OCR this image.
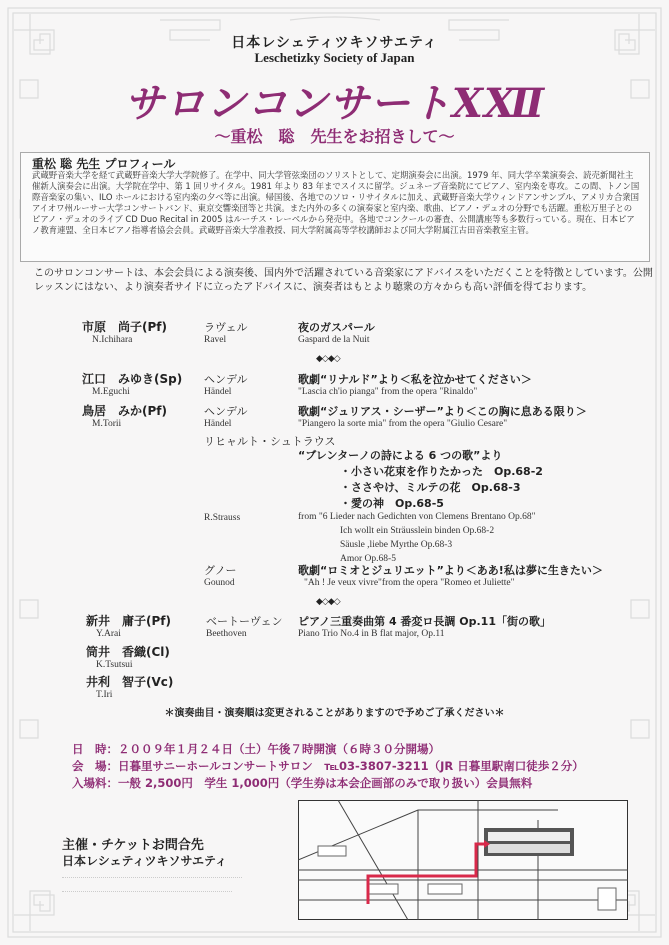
日本レシェティツキソサエティ
Leschetizky Society of Japan
サロンコンサートⅩⅫ
～重松　聡　先生をお招きして～
重松 聡 先生 プロフィール
武蔵野音楽大学を経て武蔵野音楽大学大学院修了。在学中、同大学管弦楽団のソリストとして、定期演奏会に出演。1979 年、同大学卒業演奏会、読売新聞社主催新人演奏会に出演。大学院在学中、第 1 回リサイタル。1981 年より 83 年までスイスに留学。ジュネーブ音楽院にてピアノ、室内楽を専攻。この間、トノン国際音楽家の集い、ILO ホールにおける室内楽の夕べ等に出演。帰国後、各地でのソロ・リサイタルに加え、武蔵野音楽大学ウィンドアンサンブル、アメリカ合衆国アイオワ州ルーサー大学コンサートバンド、東京交響楽団等と共演。また内外の多くの演奏家と室内楽、歌曲、ピアノ・デュオの分野でも活躍。重松万里子とのピアノ・デュオのライブ CD Duo Recital in 2005 はルーチス・レーベルから発売中。各地でコンクールの審査、公開講座等も多数行っている。現在、日本ピアノ教育連盟、全日本ピアノ指導者協会会員。武蔵野音楽大学准教授、同大学附属高等学校講師および同大学附属江古田音楽教室主管。
このサロンコンサートは、本会会員による演奏後、国内外で活躍されている音楽家にアドバイスをいただくことを特徴としています。公開レッスンにはない、より演奏者サイドに立ったアドバイスに、演奏者はもとより聴衆の方々からも高い評価を得ております。
市原　尚子(Pf)
N.Ichihara
ラヴェル
Ravel
夜のガスパール
Gaspard de la Nuit
◆◇◆◇
江口　みゆき(Sp)
M.Eguchi
ヘンデル
Händel
歌劇“リナルド”より＜私を泣かせてください＞
"Lascia ch'io pianga" from the opera "Rinaldo"
鳥居　みか(Pf)
M.Torii
ヘンデル
Händel
歌劇“ジュリアス・シーザー”より＜この胸に息ある限り＞
"Piangero la sorte mia" from the opera "Giulio Cesare"
リヒャルト・シュトラウス
“ブレンターノの詩による 6 つの歌”より
・小さい花束を作りたかった　Op.68-2
・ささやけ、ミルテの花　Op.68-3
・愛の神　Op.68-5
R.Strauss	from "6 Lieder nach Gedichten von Clemens Brentano Op.68"
Ich wollt ein Sträusslein binden Op.68-2
Säusle ,liebe Myrthe Op.68-3
Amor Op.68-5
グノー
Gounod
歌劇“ロミオとジュリエット”より＜ああ!私は夢に生きたい＞
"Ah ! Je veux vivre"from the opera "Romeo et Juliette"
◆◇◆◇
新井　庸子(Pf)
Y.Arai
ベートーヴェン
Beethoven
ピアノ三重奏曲第 4 番変ロ長調 Op.11「街の歌」
Piano Trio No.4 in B flat major, Op.11
筒井　香織(Cl)
K.Tsutsui
井利　智子(Vc)
T.Iri
＊演奏曲目・演奏順は変更されることがありますので予めご了承ください＊
日　時：２００９年１月２４日（土）午後７時開演（６時３０分開場）
会　場：日暮里サニーホールコンサートサロン　℡03-3807-3211（JR 日暮里駅南口徒歩２分）
入場料：一般 2,500円　学生 1,000円（学生券は本会企画部のみで取り扱い）会員無料
主催・チケットお問合先
日本レシェティツキソサエティ
